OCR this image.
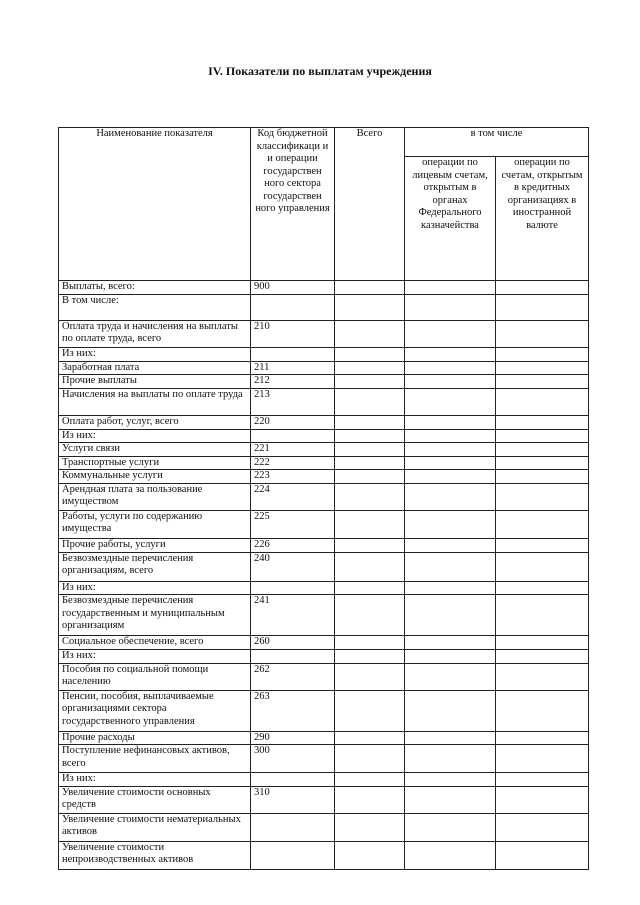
IV. Показатели по выплатам учреждения
Наименование показателя	Код бюджетной классификаци и и операции государствен ного сектора государствен ного управления	Всего	в том числе	
			операции по лицевым счетам, открытым в органах Федерального казначейства	операции по счетам, открытым в кредитных организациях в иностранной валюте
Выплаты, всего:	900			
В том числе:				
Оплата труда и начисления на выплаты по оплате труда, всего	210			
Из них:				
Заработная плата	211			
Прочие выплаты	212			
Начисления на выплаты по оплате труда	213			
Оплата работ, услуг, всего	220			
Из них:				
Услуги связи	221			
Транспортные услуги	222			
Коммунальные услуги	223			
Арендная плата за пользование имуществом	224			
Работы, услуги по содержанию имущества	225			
Прочие работы, услуги	226			
Безвозмездные перечисления организациям, всего	240			
Из них:				
Безвозмездные перечисления государственным и муниципальным организациям	241			
Социальное обеспечение, всего	260			
Из них:				
Пособия по социальной помощи населению	262			
Пенсии, пособия, выплачиваемые организациями сектора государственного управления	263			
Прочие расходы	290			
Поступление нефинансовых активов, всего	300			
Из них:				
Увеличение стоимости основных средств	310			
Увеличение стоимости нематериальных активов				
Увеличение стоимости непроизводственных активов				
